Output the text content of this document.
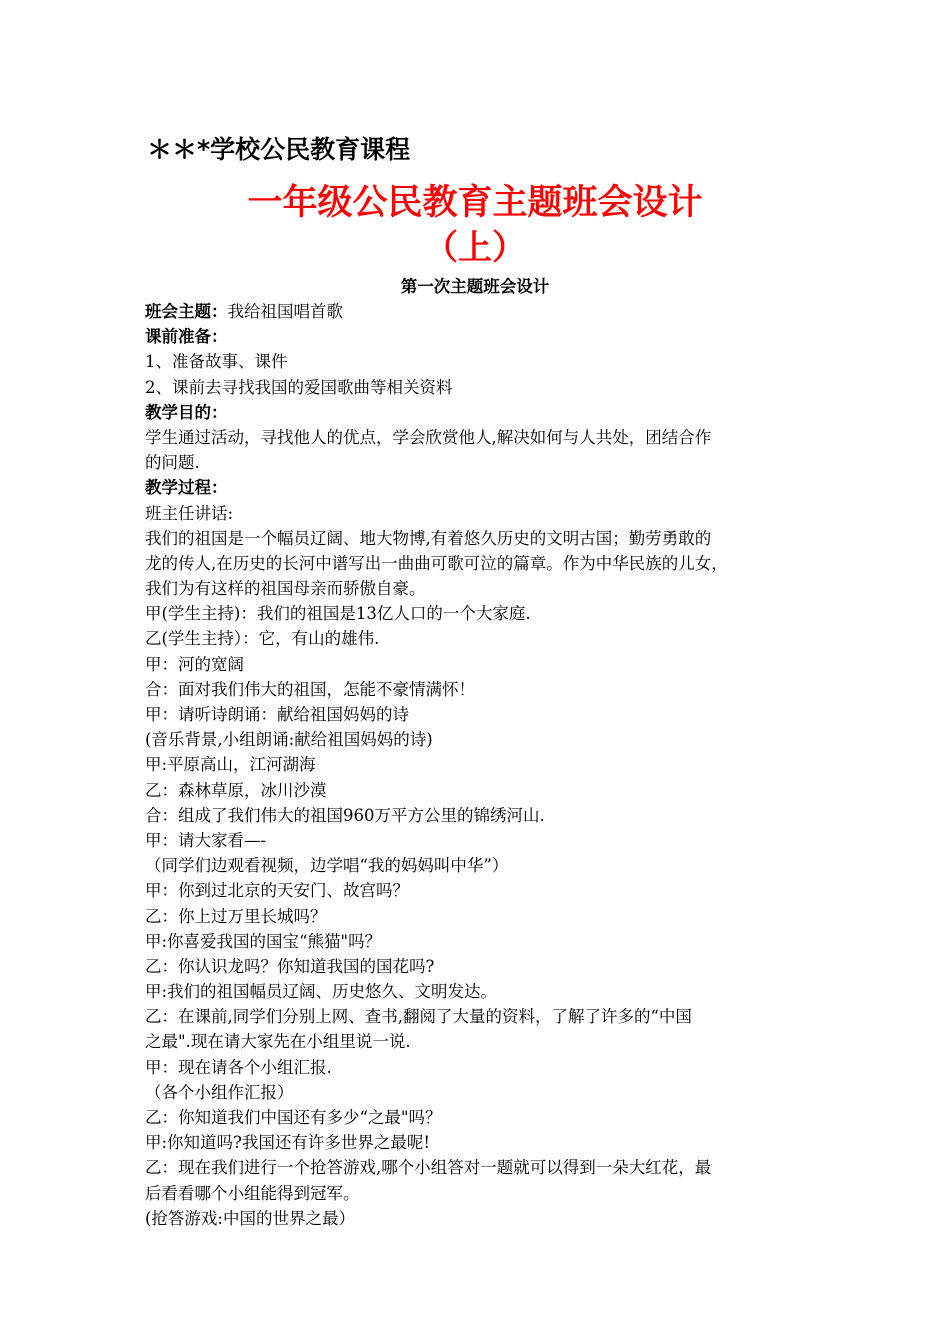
＊＊*学校公民教育课程
一年级公民教育主题班会设计
（上）
第一次主题班会设计
班会主题：我给祖国唱首歌
课前准备：
1、准备故事、课件
2、课前去寻找我国的爱国歌曲等相关资料
教学目的：
学生通过活动，寻找他人的优点，学会欣赏他人,解决如何与人共处，团结合作
的问题.
教学过程：
班主任讲话:
我们的祖国是一个幅员辽阔、地大物博,有着悠久历史的文明古国；勤劳勇敢的
龙的传人,在历史的长河中谱写出一曲曲可歌可泣的篇章。作为中华民族的儿女，
我们为有这样的祖国母亲而骄傲自豪。
甲(学生主持)：我们的祖国是13亿人口的一个大家庭.
乙(学生主持）：它，有山的雄伟.
甲：河的宽阔
合：面对我们伟大的祖国，怎能不豪情满怀！
甲：请听诗朗诵：献给祖国妈妈的诗
(音乐背景,小组朗诵:献给祖国妈妈的诗)
甲:平原高山，江河湖海
乙：森林草原，冰川沙漠
合：组成了我们伟大的祖国960万平方公里的锦绣河山.
甲：请大家看—-
（同学们边观看视频，边学唱“我的妈妈叫中华”）
甲：你到过北京的天安门、故宫吗？
乙：你上过万里长城吗？
甲:你喜爱我国的国宝“熊猫"吗？
乙：你认识龙吗？你知道我国的国花吗?
甲:我们的祖国幅员辽阔、历史悠久、文明发达。
乙：在课前,同学们分别上网、查书,翻阅了大量的资料，了解了许多的“中国
之最".现在请大家先在小组里说一说.
甲：现在请各个小组汇报.
（各个小组作汇报）
乙：你知道我们中国还有多少“之最"吗？
甲:你知道吗?我国还有许多世界之最呢!
乙：现在我们进行一个抢答游戏,哪个小组答对一题就可以得到一朵大红花，最
后看看哪个小组能得到冠军。
(抢答游戏:中国的世界之最）
